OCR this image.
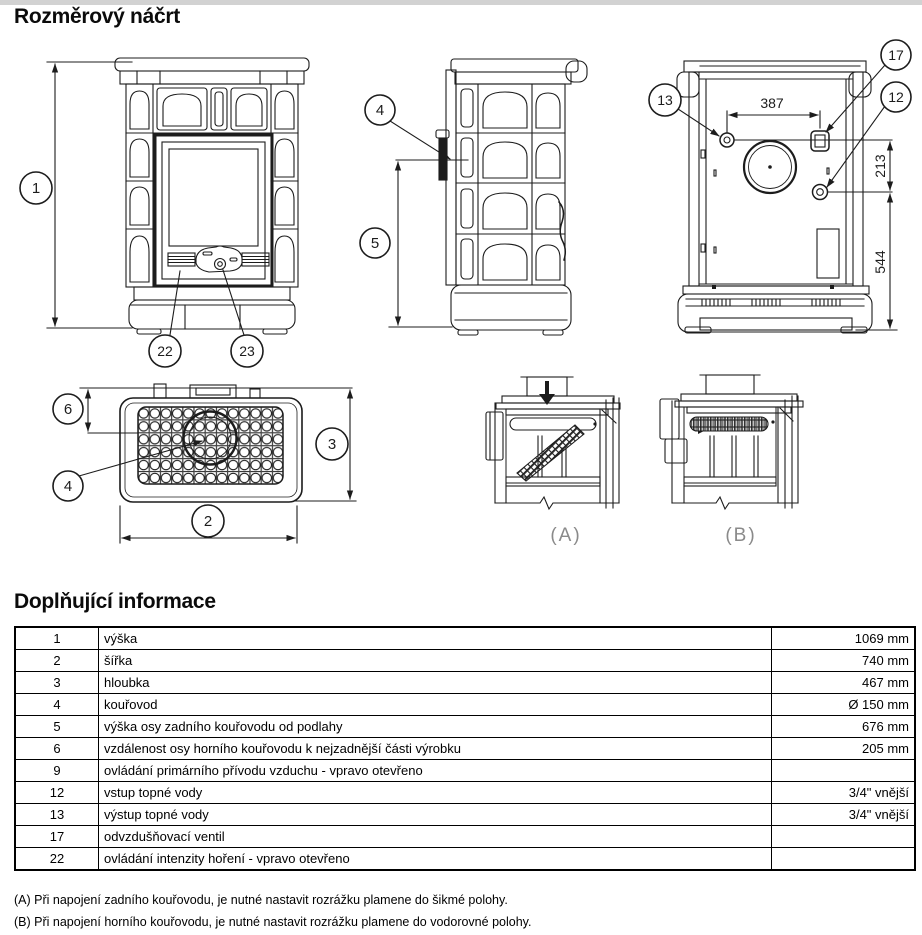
Rozměrový náčrt
1
22	23
4
5
387
213
544
13
17
12
6
4
3
2
(A)	(B)
Doplňující informace
1	výška	1069 mm
2	šířka	740 mm
3	hloubka	467 mm
4	kouřovod	Ø 150 mm
5	výška osy zadního kouřovodu od podlahy	676 mm
6	vzdálenost osy horního kouřovodu k nejzadnější části výrobku	205 mm
9	ovládání primárního přívodu vzduchu - vpravo otevřeno	
12	vstup topné vody	3/4" vnější
13	výstup topné vody	3/4" vnější
17	odvzdušňovací ventil	
22	ovládání intenzity hoření - vpravo otevřeno	
(A) Při napojení zadního kouřovodu, je nutné nastavit rozrážku plamene do šikmé polohy.
(B) Při napojení horního kouřovodu, je nutné nastavit rozrážku plamene do vodorovné polohy.
